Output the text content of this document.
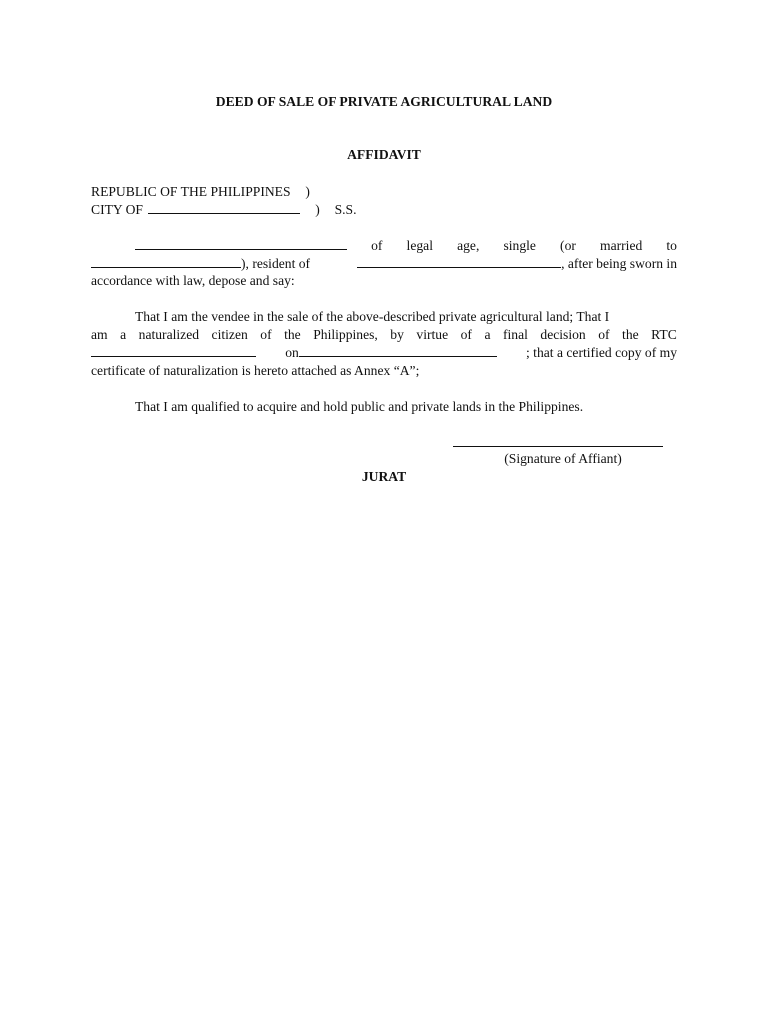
DEED OF SALE OF PRIVATE AGRICULTURAL LAND
AFFIDAVIT
REPUBLIC OF THE PHILIPPINES )
CITY OF	) S.S.
of legal age, single (or married to
), resident of	, after being sworn in
accordance with law, depose and say:
That I am the vendee in the sale of the above-described private agricultural land; That I
am a naturalized citizen of the Philippines, by virtue of a final decision of the RTC
on	; that a certified copy of my
certificate of naturalization is hereto attached as Annex “A”;
That I am qualified to acquire and hold public and private lands in the Philippines.
(Signature of Affiant)
JURAT
